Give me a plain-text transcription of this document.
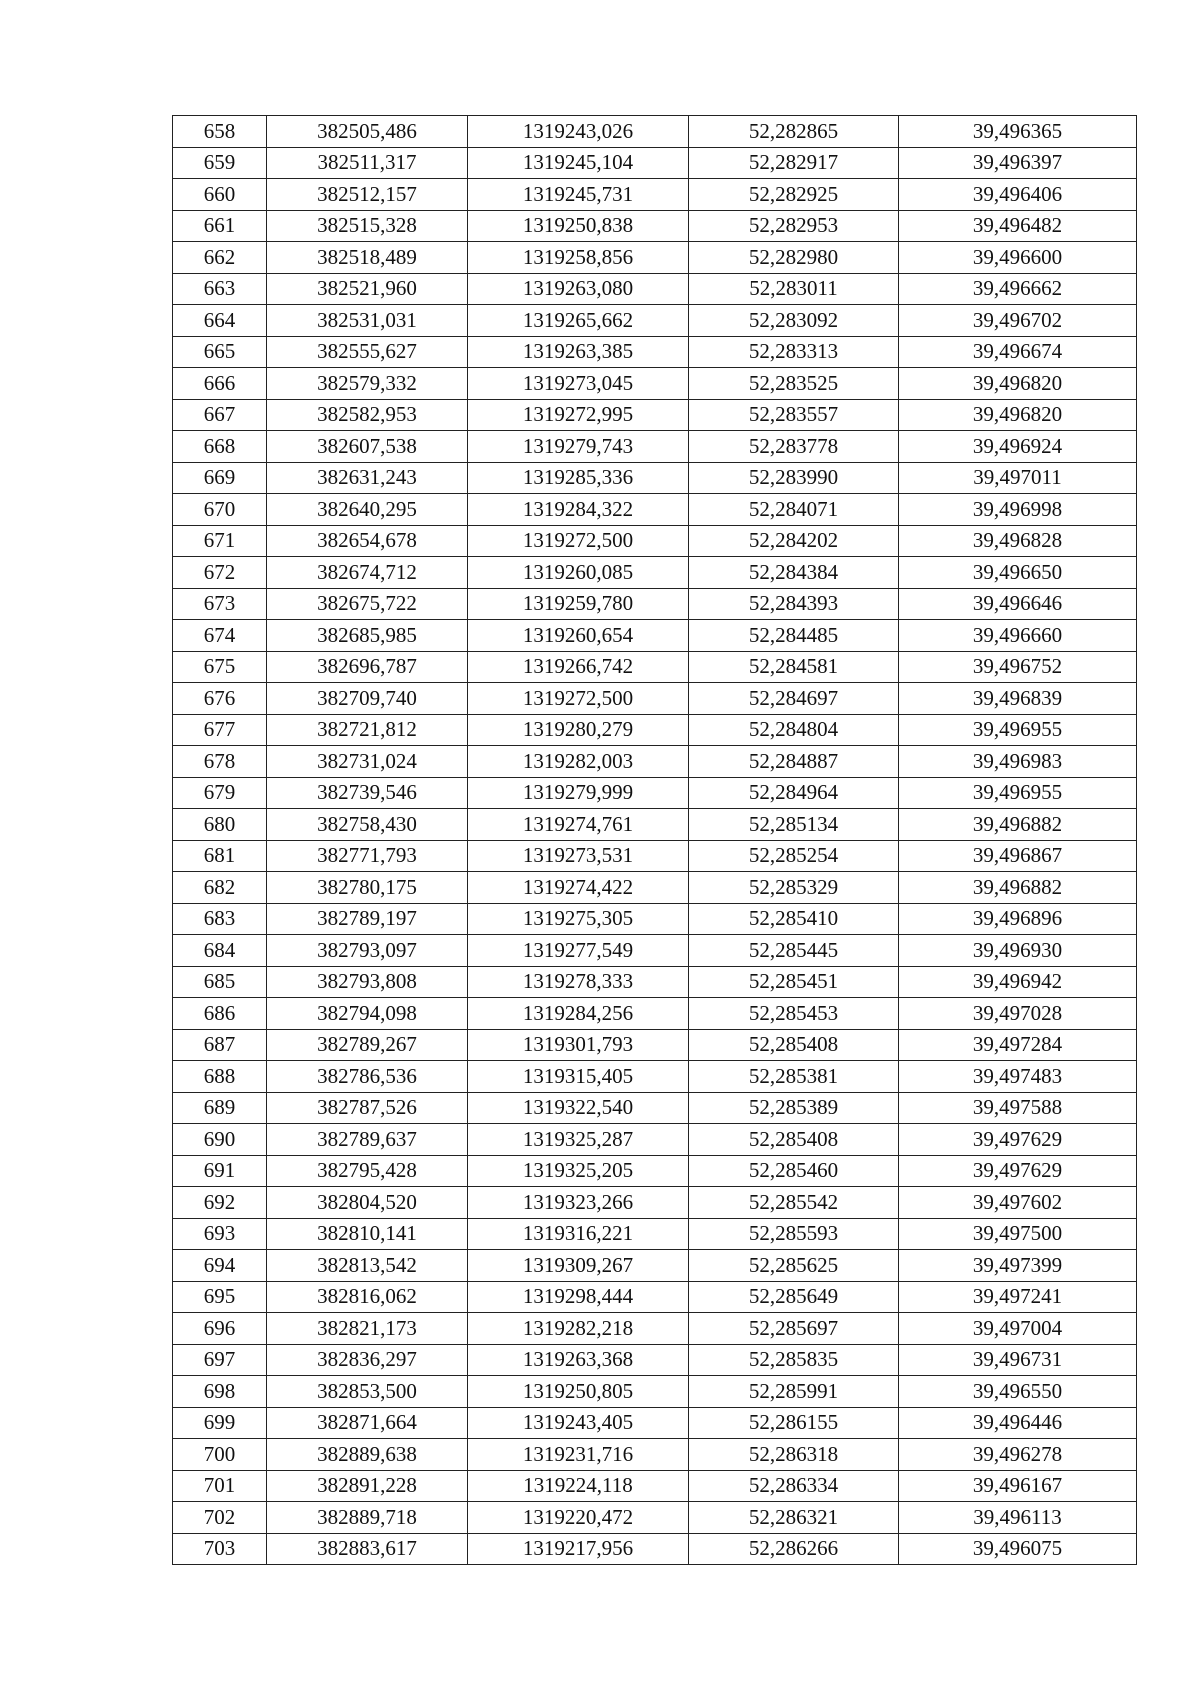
658	382505,486	1319243,026	52,282865	39,496365
659	382511,317	1319245,104	52,282917	39,496397
660	382512,157	1319245,731	52,282925	39,496406
661	382515,328	1319250,838	52,282953	39,496482
662	382518,489	1319258,856	52,282980	39,496600
663	382521,960	1319263,080	52,283011	39,496662
664	382531,031	1319265,662	52,283092	39,496702
665	382555,627	1319263,385	52,283313	39,496674
666	382579,332	1319273,045	52,283525	39,496820
667	382582,953	1319272,995	52,283557	39,496820
668	382607,538	1319279,743	52,283778	39,496924
669	382631,243	1319285,336	52,283990	39,497011
670	382640,295	1319284,322	52,284071	39,496998
671	382654,678	1319272,500	52,284202	39,496828
672	382674,712	1319260,085	52,284384	39,496650
673	382675,722	1319259,780	52,284393	39,496646
674	382685,985	1319260,654	52,284485	39,496660
675	382696,787	1319266,742	52,284581	39,496752
676	382709,740	1319272,500	52,284697	39,496839
677	382721,812	1319280,279	52,284804	39,496955
678	382731,024	1319282,003	52,284887	39,496983
679	382739,546	1319279,999	52,284964	39,496955
680	382758,430	1319274,761	52,285134	39,496882
681	382771,793	1319273,531	52,285254	39,496867
682	382780,175	1319274,422	52,285329	39,496882
683	382789,197	1319275,305	52,285410	39,496896
684	382793,097	1319277,549	52,285445	39,496930
685	382793,808	1319278,333	52,285451	39,496942
686	382794,098	1319284,256	52,285453	39,497028
687	382789,267	1319301,793	52,285408	39,497284
688	382786,536	1319315,405	52,285381	39,497483
689	382787,526	1319322,540	52,285389	39,497588
690	382789,637	1319325,287	52,285408	39,497629
691	382795,428	1319325,205	52,285460	39,497629
692	382804,520	1319323,266	52,285542	39,497602
693	382810,141	1319316,221	52,285593	39,497500
694	382813,542	1319309,267	52,285625	39,497399
695	382816,062	1319298,444	52,285649	39,497241
696	382821,173	1319282,218	52,285697	39,497004
697	382836,297	1319263,368	52,285835	39,496731
698	382853,500	1319250,805	52,285991	39,496550
699	382871,664	1319243,405	52,286155	39,496446
700	382889,638	1319231,716	52,286318	39,496278
701	382891,228	1319224,118	52,286334	39,496167
702	382889,718	1319220,472	52,286321	39,496113
703	382883,617	1319217,956	52,286266	39,496075
